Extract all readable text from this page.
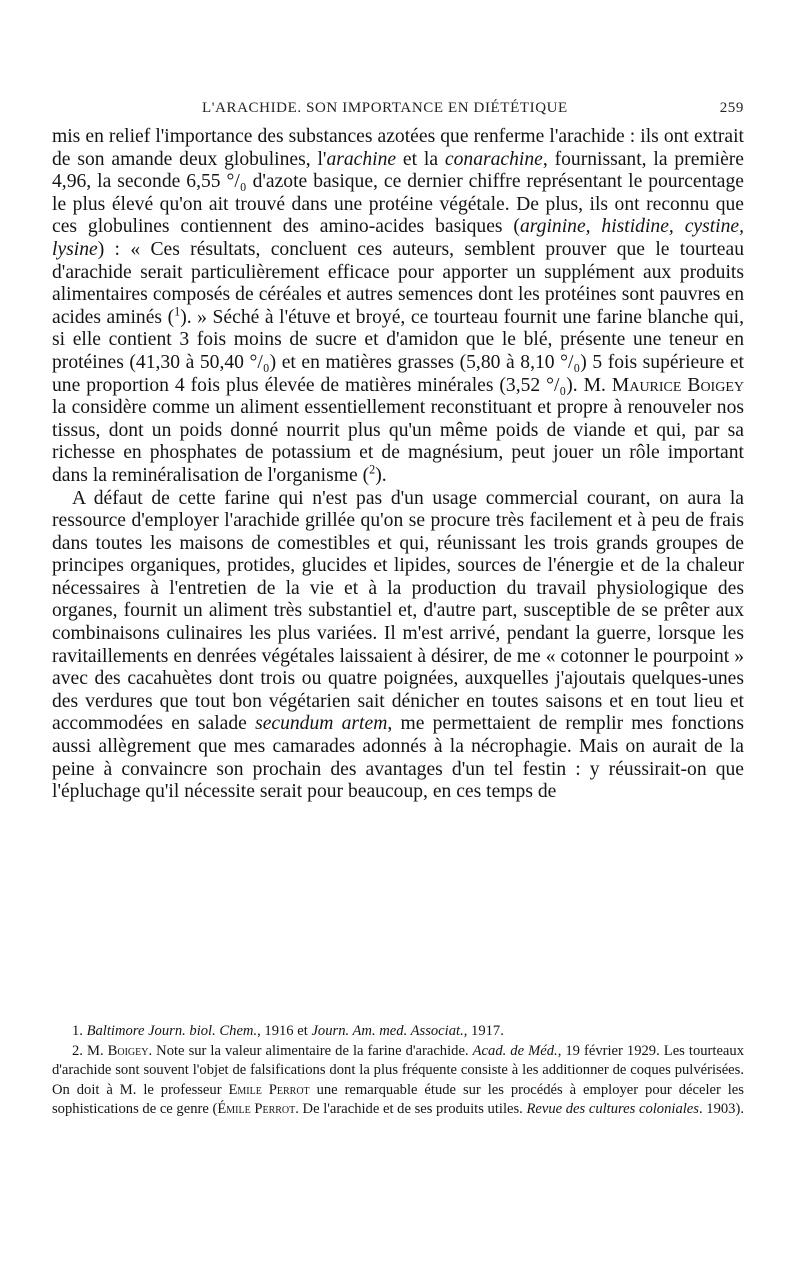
L'ARACHIDE. SON IMPORTANCE EN DIÉTÉTIQUE	259

mis en relief l'importance des substances azotées que renferme l'arachide : ils ont extrait de son amande deux globulines, l'arachine et la conarachine, fournissant, la première 4,96, la seconde 6,55 °/₀ d'azote basique, ce dernier chiffre représentant le pourcentage le plus élevé qu'on ait trouvé dans une protéine végétale. De plus, ils ont reconnu que ces globulines contiennent des amino-acides basiques (arginine, histidine, cystine, lysine) : « Ces résultats, concluent ces auteurs, semblent prouver que le tourteau d'arachide serait particulièrement efficace pour apporter un supplément aux produits alimentaires composés de céréales et autres semences dont les protéines sont pauvres en acides aminés ($^1$). » Séché à l'étuve et broyé, ce tourteau fournit une farine blanche qui, si elle contient 3 fois moins de sucre et d'amidon que le blé, présente une teneur en protéines (41,30 à 50,40 °/₀) et en matières grasses (5,80 à 8,10 °/₀) 5 fois supérieure et une proportion 4 fois plus élevée de matières minérales (3,52 °/₀). M. Maurice Boigey la considère comme un aliment essentiellement reconstituant et propre à renouveler nos tissus, dont un poids donné nourrit plus qu'un même poids de viande et qui, par sa richesse en phosphates de potassium et de magnésium, peut jouer un rôle important dans la reminéralisation de l'organisme ($^2$).

A défaut de cette farine qui n'est pas d'un usage commercial courant, on aura la ressource d'employer l'arachide grillée qu'on se procure très facilement et à peu de frais dans toutes les maisons de comestibles et qui, réunissant les trois grands groupes de principes organiques, protides, glucides et lipides, sources de l'énergie et de la chaleur nécessaires à l'entretien de la vie et à la production du travail physiologique des organes, fournit un aliment très substantiel et, d'autre part, susceptible de se prêter aux combinaisons culinaires les plus variées. Il m'est arrivé, pendant la guerre, lorsque les ravitaillements en denrées végétales laissaient à désirer, de me « cotonner le pourpoint » avec des cacahuètes dont trois ou quatre poignées, auxquelles j'ajoutais quelques-unes des verdures que tout bon végétarien sait dénicher en toutes saisons et en tout lieu et accommodées en salade secundum artem, me permettaient de remplir mes fonctions aussi allègrement que mes camarades adonnés à la nécrophagie. Mais on aurait de la peine à convaincre son prochain des avantages d'un tel festin : y réussirait-on que l'épluchage qu'il nécessite serait pour beaucoup, en ces temps de

1. Baltimore Journ. biol. Chem., 1916 et Journ. Am. med. Associat., 1917.

2. M. Boigey. Note sur la valeur alimentaire de la farine d'arachide. Acad. de Méd., 19 février 1929. Les tourteaux d'arachide sont souvent l'objet de falsifications dont la plus fréquente consiste à les additionner de coques pulvérisées. On doit à M. le professeur Emile Perrot une remarquable étude sur les procédés à employer pour déceler les sophistications de ce genre (Émile Perrot. De l'arachide et de ses produits utiles. Revue des cultures coloniales. 1903).
